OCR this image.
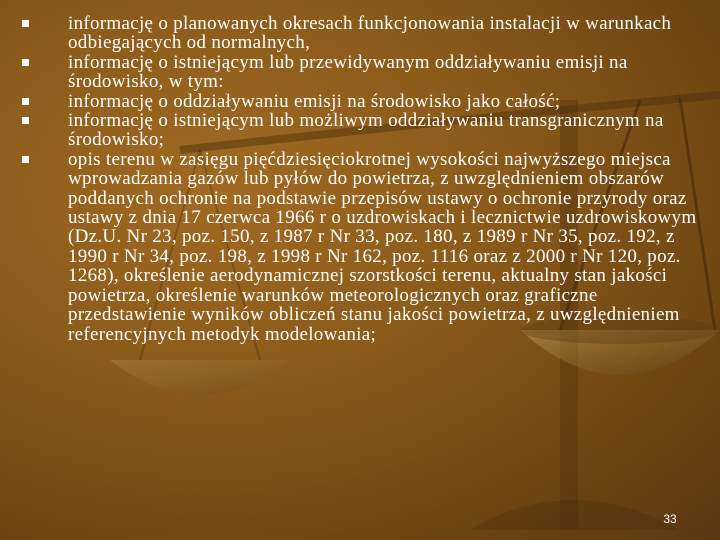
informację o planowanych okresach funkcjonowania instalacji w warunkach odbiegających od normalnych,
informację o istniejącym lub przewidywanym oddziaływaniu emisji na środowisko, w tym:
informację o oddziaływaniu emisji na środowisko jako całość;
informację o istniejącym lub możliwym oddziaływaniu transgranicznym na środowisko;
opis terenu w zasięgu pięćdziesięciokrotnej wysokości najwyższego miejsca wprowadzania gazów lub pyłów do powietrza, z uwzględnieniem obszarów poddanych ochronie na podstawie przepisów ustawy o ochronie przyrody oraz ustawy z dnia 17 czerwca 1966 r o uzdrowiskach i lecznictwie uzdrowiskowym (Dz.U. Nr 23, poz. 150, z 1987 r Nr 33, poz. 180, z 1989 r Nr 35, poz. 192, z 1990 r Nr 34, poz. 198, z 1998 r Nr 162, poz. 1116 oraz z 2000 r Nr 120, poz. 1268), określenie aerodynamicznej szorstkości terenu, aktualny stan jakości powietrza, określenie warunków meteorologicznych oraz graficzne przedstawienie wyników obliczeń stanu jakości powietrza, z uwzględnieniem referencyjnych metodyk modelowania;
33
